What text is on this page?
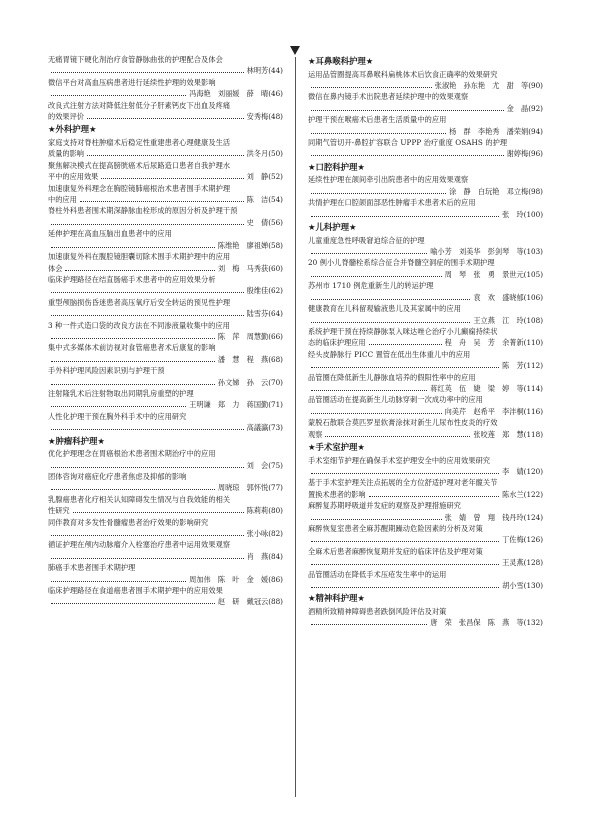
无痛胃镜下硬化剂治疗食管静脉曲张的护理配合及体会
林明芳(44)
微信平台对高血压病患者进行延续性护理的效果影响
冯海艳　刘丽媛　薛　晴(46)
改良式注射方法对降低注射低分子肝素钙皮下出血及疼痛
的效果评价	安秀梅(48)
★外科护理★
家庭支持对脊柱肿瘤术后稳定性重建患者心理健康及生活
质量的影响	洪冬月(50)
聚焦解决模式在提高膀胱癌术后尿路造口患者自我护理水
平中的应用效果	刘　静(52)
加速康复外科理念在胸腔镜肺癌根治术患者围手术期护理
中的应用	陈　洁(54)
脊柱外科患者围术期深静脉血栓形成的原因分析及护理干预
史　倩(56)
延伸护理在高血压脑出血患者中的应用
陈维艳　廖祖婵(58)
加速康复外科在腹腔镜胆囊切除术围手术期护理中的应用
体会	刘　梅　马秀获(60)
临床护理路径在结直肠癌手术患者中的应用效果分析
殷维佳(62)
重型颅脑损伤昏迷患者高压氧疗后安全转运的预见性护理
陆雪芬(64)
3 种一件式造口袋的改良方法在不同渗液量收集中的应用
陈　萍　周慧勤(66)
集中式多媒体术前访视对食管癌患者术后康复的影响
潘　慧　程　燕(68)
手外科护理风险因素识别与护理干预
孙文娣　孙　云(70)
注射隆乳术后注射物取出同期乳房重塑的护理
王明谦　郑　力　蒋国勤(71)
人性化护理干预在胸外科手术中的应用研究
高議瀛(73)
★肿瘤科护理★
优化护理理念在胃癌根治术患者围术期治疗中的应用
刘　会(75)
团体咨询对癌症化疗患者焦虑及抑郁的影响
周晓琼　郭怀悦(77)
乳腺癌患者化疗相关认知障碍发生情况与自我效能的相关
性研究	陈莉莉(80)
同伴教育对多发性骨髓瘤患者治疗效果的影响研究
张小咏(82)
循证护理在颅内动脉瘤介入栓塞治疗患者中运用效果观察
肖　燕(84)
肺癌手术患者围手术期护理
周加伟　陈　叶　金　媛(86)
临床护理路径在食道癌患者围手术期护理中的应用效果
赵　研　戴冠云(88)
★耳鼻喉科护理★
运用品管圈提高耳鼻喉科扁桃体术后饮食正确率的效果研究
张淑艳　孙东艳　尤　甜　等(90)
微信在鼻内镜手术出院患者延续护理中的效果观察
金　晶(92)
护理干预在喉癌术后患者生活质量中的应用
杨　群　李艳秀　潘荣娟(94)
同期气管切开-鼻腔扩容联合 UPPP 治疗重度 OSAHS 的护理
谢婷梅(96)
★口腔科护理★
延续性护理在颌间牵引出院患者中的应用效果观察
涂　静　白玩艳　邓立梅(98)
共情护理在口腔颌面部恶性肿瘤手术患者术后的应用
张　玲(100)
★儿科护理★
儿童重度急性呼吸窘迫综合征的护理
喻小芳　刘美华　彭剑琴　等(103)
20 例小儿脊髓栓系综合征合并脊髓空洞症的围手术期护理
周　琴　张　勇　景世元(105)
苏州市 1710 例危重新生儿的转运护理
袁　欢　盛晓郁(106)
健康教育在儿科留观输液患儿及其家属中的应用
王立燕　江　玲(108)
系统护理干预在持续静脉泵入咪达唑仑治疗小儿癫痫持续状
态的临床护理应用	程　舟　吴　芳　余菁新(110)
经头皮静脉行 PICC 置管在低出生体重儿中的应用
陈　芳(112)
品管圈在降低新生儿静脉血培养的假阳性率中的应用
蒋红英　伍　婕　梁　婷　等(114)
品管圈活动在提高新生儿动脉穿刺一次成功率中的应用
向美芹　赵希平　李沣桐(116)
蒙脱石散联合莫匹罗星软膏涂抹对新生儿尿布性皮炎的疗效
观察	张咬莲　郑　慧(118)
★手术室护理★
手术室细节护理在确保手术室护理安全中的应用效果研究
李　婧(120)
基于手术室护理关注点拓展的全方位舒适护理对老年髋关节
置换术患者的影响	陈水兰(122)
麻醉复苏期呼吸道并发症的观察及护理措施研究
张　婧　曾　翔　钱丹玲(124)
麻醉恢复室患者全麻苏醒期躁动危险因素的分析及对策
丁佐梅(126)
全麻术后患者麻醉恢复期并发症的临床评估及护理对策
王灵燕(128)
品管圈活动在降低手术压疮发生率中的运用
胡小雪(130)
★精神科护理★
酒精所致精神障碍患者跌倒风险评估及对策
唐　荣　张昌保　陈　燕　等(132)
